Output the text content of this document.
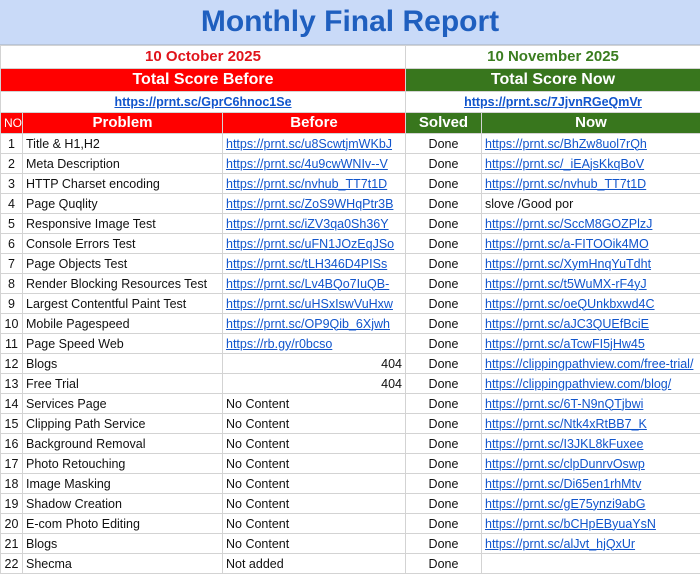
Monthly Final Report
10 October 2025			10 November 2025	
Total Score Before			Total Score Now	
https://prnt.sc/GprC6hnoc1Se			https://prnt.sc/7JjvnRGeQmVr	
NO	Problem	Before	Solved	Now
1	Title & H1,H2	https://prnt.sc/u8ScwtjmWKbJ	Done	https://prnt.sc/BhZw8uol7rQh
2	Meta Description	https://prnt.sc/4u9cwWNIv--V	Done	https://prnt.sc/_iEAjsKkqBoV
3	HTTP Charset encoding	https://prnt.sc/nvhub_TT7t1D	Done	https://prnt.sc/nvhub_TT7t1D
4	Page Quqlity	https://prnt.sc/ZoS9WHqPtr3B	Done	slove /Good por
5	Responsive Image Test	https://prnt.sc/iZV3qa0Sh36Y	Done	https://prnt.sc/SccM8GOZPlzJ
6	Console Errors Test	https://prnt.sc/uFN1JOzEqJSo	Done	https://prnt.sc/a-FITOOik4MO
7	Page Objects Test	https://prnt.sc/tLH346D4PISs	Done	https://prnt.sc/XymHnqYuTdht
8	Render Blocking Resources Test	https://prnt.sc/Lv4BQo7IuQB-	Done	https://prnt.sc/t5WuMX-rF4yJ
9	Largest Contentful Paint Test	https://prnt.sc/uHSxIswVuHxw	Done	https://prnt.sc/oeQUnkbxwd4C
10	Mobile Pagespeed	https://prnt.sc/OP9Qib_6Xjwh	Done	https://prnt.sc/aJC3QUEfBciE
11	Page Speed Web	https://rb.gy/r0bcso	Done	https://prnt.sc/aTcwFI5jHw45
12	Blogs	404	Done	https://clippingpathview.com/free-trial/
13	Free Trial	404	Done	https://clippingpathview.com/blog/
14	Services Page	No Content	Done	https://prnt.sc/6T-N9nQTjbwi
15	Clipping Path Service	No Content	Done	https://prnt.sc/Ntk4xRtBB7_K
16	Background Removal	No Content	Done	https://prnt.sc/I3JKL8kFuxee
17	Photo Retouching	No Content	Done	https://prnt.sc/clpDunrvOswp
18	Image Masking	No Content	Done	https://prnt.sc/Di65en1rhMtv
19	Shadow Creation	No Content	Done	https://prnt.sc/gE75ynzi9abG
20	E-com Photo Editing	No Content	Done	https://prnt.sc/bCHpEByuaYsN
21	Blogs	No Content	Done	https://prnt.sc/alJvt_hjQxUr
22	Shecma	Not added	Done	
